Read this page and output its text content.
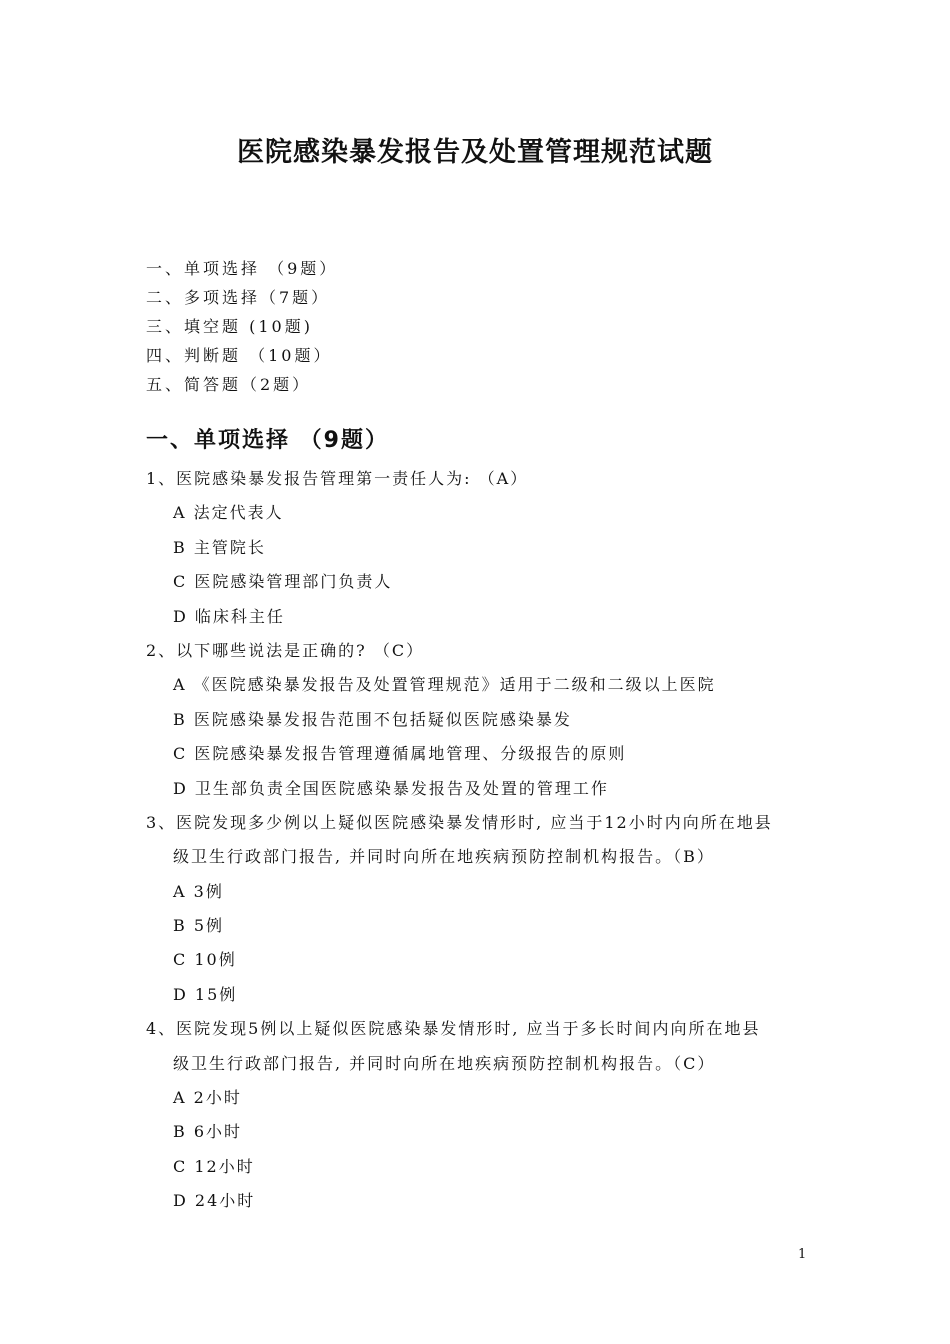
医院感染暴发报告及处置管理规范试题
一、单项选择 （9题）
二、多项选择（7题）
三、填空题 (10题)
四、判断题 （10题）
五、简答题（2题）
一、单项选择 （9题）
1、医院感染暴发报告管理第一责任人为: （A）
A 法定代表人
B 主管院长
C 医院感染管理部门负责人
D 临床科主任
2、以下哪些说法是正确的? （C）
A 《医院感染暴发报告及处置管理规范》适用于二级和二级以上医院
B 医院感染暴发报告范围不包括疑似医院感染暴发
C 医院感染暴发报告管理遵循属地管理、分级报告的原则
D 卫生部负责全国医院感染暴发报告及处置的管理工作
3、医院发现多少例以上疑似医院感染暴发情形时, 应当于12小时内向所在地县
级卫生行政部门报告, 并同时向所在地疾病预防控制机构报告。（B）
A 3例
B 5例
C 10例
D 15例
4、医院发现5例以上疑似医院感染暴发情形时, 应当于多长时间内向所在地县
级卫生行政部门报告, 并同时向所在地疾病预防控制机构报告。（C）
A 2小时
B 6小时
C 12小时
D 24小时
1
